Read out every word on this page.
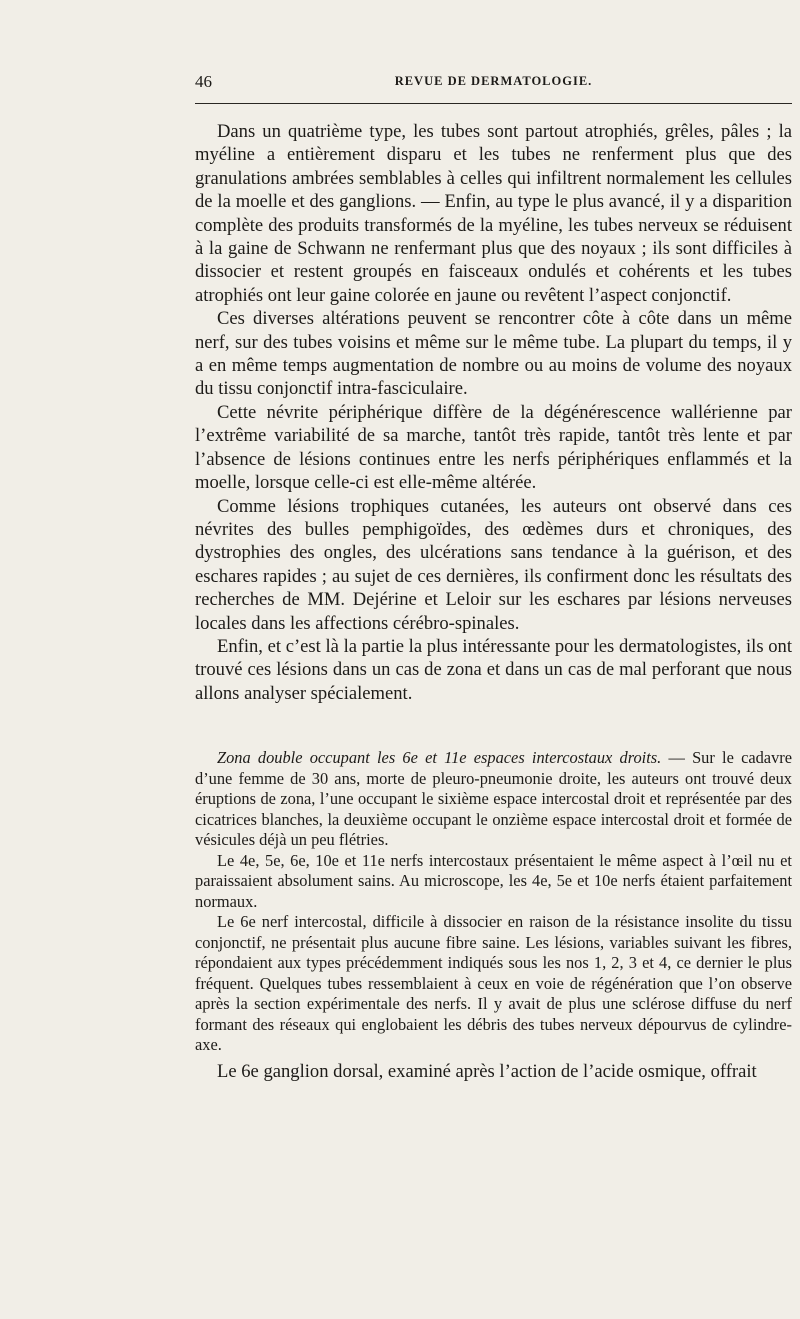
46	REVUE DE DERMATOLOGIE.

Dans un quatrième type, les tubes sont partout atrophiés, grêles, pâles ; la myéline a entièrement disparu et les tubes ne renferment plus que des granulations ambrées semblables à celles qui infiltrent normalement les cellules de la moelle et des ganglions. — Enfin, au type le plus avancé, il y a disparition complète des produits transformés de la myéline, les tubes nerveux se réduisent à la gaine de Schwann ne renfermant plus que des noyaux ; ils sont difficiles à dissocier et restent groupés en faisceaux ondulés et cohérents et les tubes atrophiés ont leur gaine colorée en jaune ou revêtent l’aspect conjonctif.

Ces diverses altérations peuvent se rencontrer côte à côte dans un même nerf, sur des tubes voisins et même sur le même tube. La plupart du temps, il y a en même temps augmentation de nombre ou au moins de volume des noyaux du tissu conjonctif intra-fasciculaire.

Cette névrite périphérique diffère de la dégénérescence wallérienne par l’extrême variabilité de sa marche, tantôt très rapide, tantôt très lente et par l’absence de lésions continues entre les nerfs périphériques enflammés et la moelle, lorsque celle-ci est elle-même altérée.

Comme lésions trophiques cutanées, les auteurs ont observé dans ces névrites des bulles pemphigoïdes, des œdèmes durs et chroniques, des dystrophies des ongles, des ulcérations sans tendance à la guérison, et des eschares rapides ; au sujet de ces dernières, ils confirment donc les résultats des recherches de MM. Dejérine et Leloir sur les eschares par lésions nerveuses locales dans les affections cérébro-spinales.

Enfin, et c’est là la partie la plus intéressante pour les dermatologistes, ils ont trouvé ces lésions dans un cas de zona et dans un cas de mal perforant que nous allons analyser spécialement.

Zona double occupant les 6e et 11e espaces intercostaux droits. — Sur le cadavre d’une femme de 30 ans, morte de pleuro-pneumonie droite, les auteurs ont trouvé deux éruptions de zona, l’une occupant le sixième espace intercostal droit et représentée par des cicatrices blanches, la deuxième occupant le onzième espace intercostal droit et formée de vésicules déjà un peu flétries.

Le 4e, 5e, 6e, 10e et 11e nerfs intercostaux présentaient le même aspect à l’œil nu et paraissaient absolument sains. Au microscope, les 4e, 5e et 10e nerfs étaient parfaitement normaux.

Le 6e nerf intercostal, difficile à dissocier en raison de la résistance insolite du tissu conjonctif, ne présentait plus aucune fibre saine. Les lésions, variables suivant les fibres, répondaient aux types précédemment indiqués sous les nos 1, 2, 3 et 4, ce dernier le plus fréquent. Quelques tubes ressemblaient à ceux en voie de régénération que l’on observe après la section expérimentale des nerfs. Il y avait de plus une sclérose diffuse du nerf formant des réseaux qui englobaient les débris des tubes nerveux dépourvus de cylindre-axe.

Le 6e ganglion dorsal, examiné après l’action de l’acide osmique, offrait
